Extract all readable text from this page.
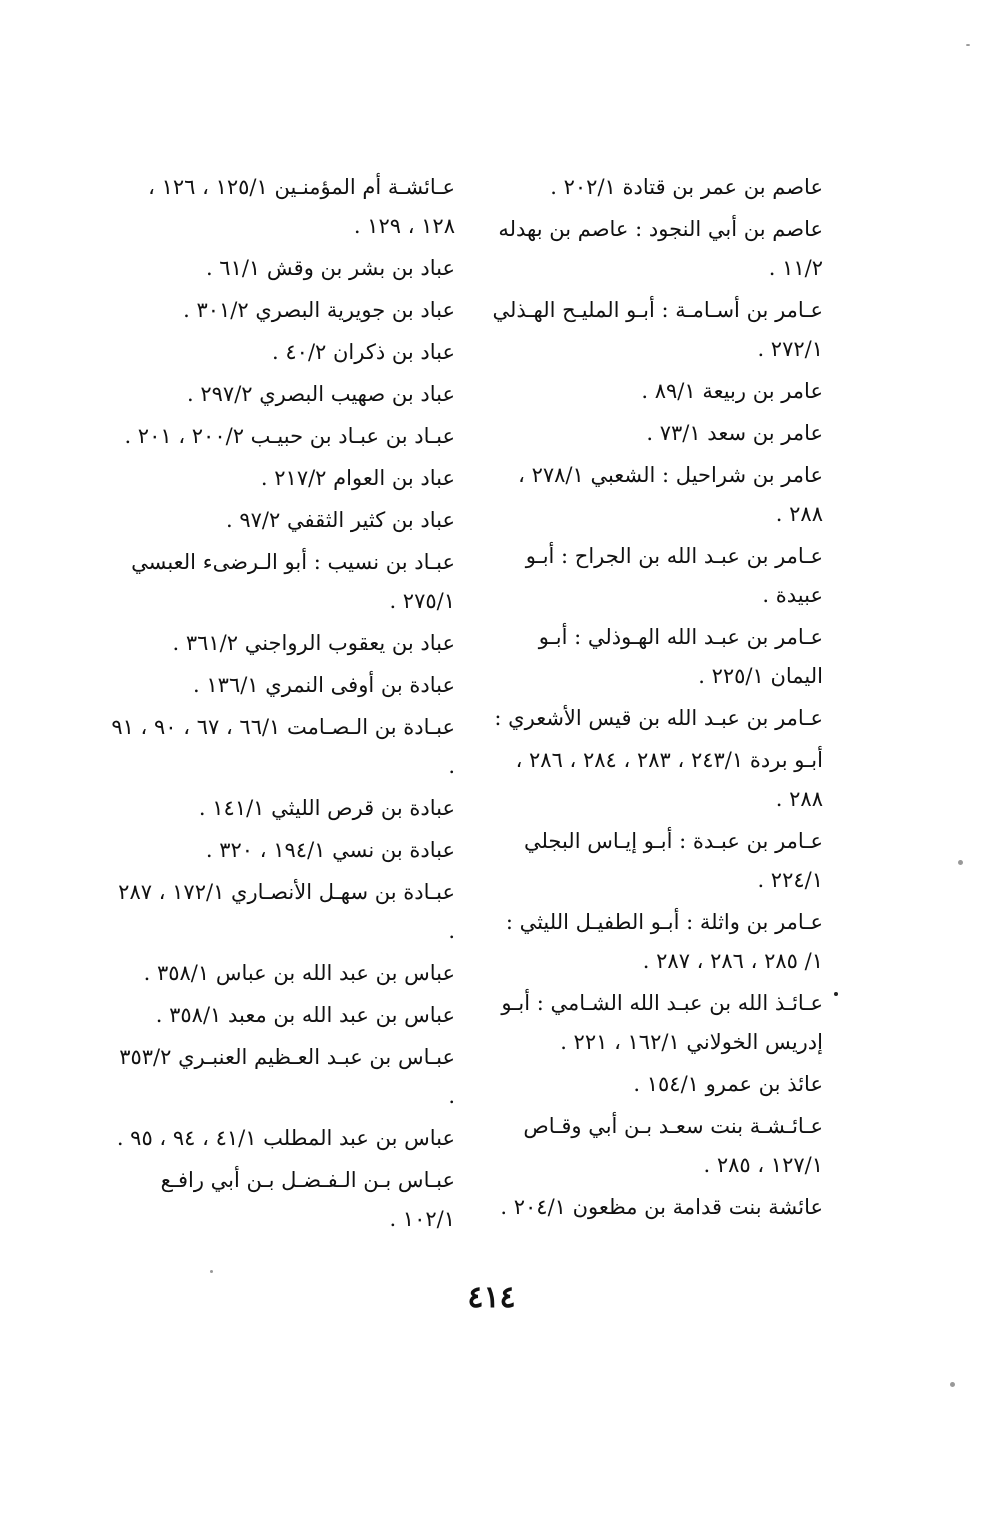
عاصم بن عمر بن قتادة ٢٠٢/١ .
عاصم بن أبي النجود : عاصم بن بهدله ١١/٢ .
عـامر بن أسـامـة : أبـو المليـح الهـذلي ٢٧٢/١ .
عامر بن ربيعة ٨٩/١ .
عامر بن سعد ٧٣/١ .
عامر بن شراحيل : الشعبي ٢٧٨/١ ، ٢٨٨ .
عـامر بن عبـد الله بن الجراح : أبـو عبيدة .
عـامر بن عبـد الله الهـوذلي : أبـو اليمان ٢٢٥/١ .
عـامر بن عبـد الله بن قيس الأشعري :
أبـو بردة ٢٤٣/١ ، ٢٨٣ ، ٢٨٤ ، ٢٨٦ ، ٢٨٨ .
عـامر بن عبـدة : أبـو إيـاس البجلي ٢٢٤/١ .
عـامر بن واثلة : أبـو الطفيـل الليثي : ١/ ٢٨٥ ، ٢٨٦ ، ٢٨٧ .
عـائـذ الله بن عبـد الله الشـامي : أبـو إدريس الخولاني ١٦٢/١ ، ٢٢١ .
عائذ بن عمرو ١٥٤/١ .
عـائـشـة بنت سعـد بـن أبي وقـاص ١٢٧/١ ، ٢٨٥ .
عائشة بنت قدامة بن مظعون ٢٠٤/١ .
عـائشـة أم المؤمنـين ١٢٥/١ ، ١٢٦ ، ١٢٨ ، ١٢٩ .
عباد بن بشر بن وقش ٦١/١ .
عباد بن جويرية البصري ٣٠١/٢ .
عباد بن ذكران ٤٠/٢ .
عباد بن صهيب البصري ٢٩٧/٢ .
عبـاد بن عبـاد بن حبيـب ٢٠٠/٢ ، ٢٠١ .
عباد بن العوام ٢١٧/٢ .
عباد بن كثير الثقفي ٩٧/٢ .
عبـاد بن نسيب : أبو الـرضىء العبسي ٢٧٥/١ .
عباد بن يعقوب الرواجني ٣٦١/٢ .
عبادة بن أوفى النمري ١٣٦/١ .
عبـادة بن الـصـامت ٦٦/١ ، ٦٧ ، ٩٠ ، ٩١ .
عبادة بن قرص الليثي ١٤١/١ .
عبادة بن نسي ١٩٤/١ ، ٣٢٠ .
عبـادة بن سهـل الأنصـاري ١٧٢/١ ، ٢٨٧ .
عباس بن عبد الله بن عباس ٣٥٨/١ .
عباس بن عبد الله بن معبد ٣٥٨/١ .
عبـاس بن عبـد العـظيم العنبـري ٣٥٣/٢ .
عباس بن عبد المطلب ٤١/١ ، ٩٤ ، ٩٥ .
عبـاس بـن الـفـضـل بـن أبي رافـع ١٠٢/١ .
٤١٤
